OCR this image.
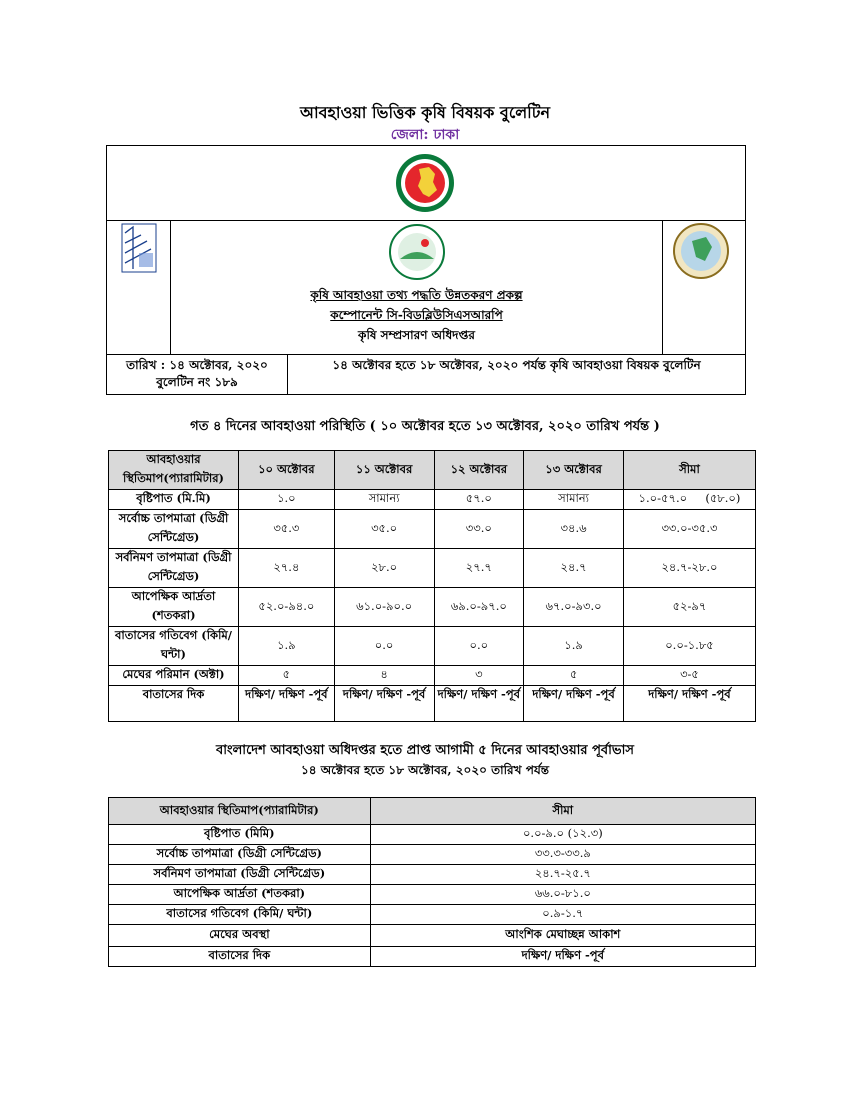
আবহাওয়া ভিত্তিক কৃষি বিষয়ক বুলেটিন
জেলা: ঢাকা
কৃষি আবহাওয়া তথ্য পদ্ধতি উন্নতকরণ প্রকল্প
কম্পোনেন্ট সি-বিডব্লিউসিএসআরপি
কৃষি সম্প্রসারণ অধিদপ্তর
তারিখ : ১৪ অক্টোবর, ২০২০
বুলেটিন নং ১৮৯
১৪ অক্টোবর হতে ১৮ অক্টোবর, ২০২০ পর্যন্ত কৃষি আবহাওয়া বিষয়ক বুলেটিন
গত ৪ দিনের আবহাওয়া পরিস্থিতি ( ১০ অক্টোবর হতে ১৩ অক্টোবর, ২০২০ তারিখ পর্যন্ত )
আবহাওয়ার স্থিতিমাপ(প্যারামিটার)	১০ অক্টোবর	১১ অক্টোবর	১২ অক্টোবর	১৩ অক্টোবর	সীমা
বৃষ্টিপাত (মি.মি)	১.০	সামান্য	৫৭.০	সামান্য	১.০-৫৭.০     (৫৮.০)
সর্বোচ্চ তাপমাত্রা (ডিগ্রী সেন্টিগ্রেড)	৩৫.৩	৩৫.০	৩৩.০	৩৪.৬	৩৩.০-৩৫.৩
সর্বনিমণ তাপমাত্রা (ডিগ্রী সেন্টিগ্রেড)	২৭.৪	২৮.০	২৭.৭	২৪.৭	২৪.৭-২৮.০
আপেক্ষিক আর্দ্রতা (শতকরা)	৫২.০-৯৪.০	৬১.০-৯০.০	৬৯.০-৯৭.০	৬৭.০-৯৩.০	৫২-৯৭
বাতাসের গতিবেগ (কিমি/ ঘন্টা)	১.৯	০.০	০.০	১.৯	০.০-১.৮৫
মেঘের পরিমান (অক্টা)	৫	৪	৩	৫	৩-৫
বাতাসের দিক	দক্ষিণ/ দক্ষিণ -পূর্ব	দক্ষিণ/ দক্ষিণ -পূর্ব	দক্ষিণ/ দক্ষিণ -পূর্ব	দক্ষিণ/ দক্ষিণ -পূর্ব	দক্ষিণ/ দক্ষিণ -পূর্ব
বাংলাদেশ আবহাওয়া অধিদপ্তর হতে প্রাপ্ত আগামী ৫ দিনের আবহাওয়ার পূর্বাভাস
১৪ অক্টোবর হতে ১৮ অক্টোবর, ২০২০ তারিখ পর্যন্ত
আবহাওয়ার স্থিতিমাপ(প্যারামিটার)	সীমা
বৃষ্টিপাত (মিমি)	০.০-৯.০ (১২.৩)
সর্বোচ্চ তাপমাত্রা (ডিগ্রী সেন্টিগ্রেড)	৩৩.৩-৩৩.৯
সর্বনিমণ তাপমাত্রা (ডিগ্রী সেন্টিগ্রেড)	২৪.৭-২৫.৭
আপেক্ষিক আর্দ্রতা (শতকরা)	৬৬.০-৮১.০
বাতাসের গতিবেগ (কিমি/ ঘন্টা)	০.৯-১.৭
মেঘের অবস্থা	আংশিক মেঘাচ্ছন্ন আকাশ
বাতাসের দিক	দক্ষিণ/ দক্ষিণ -পূর্ব
